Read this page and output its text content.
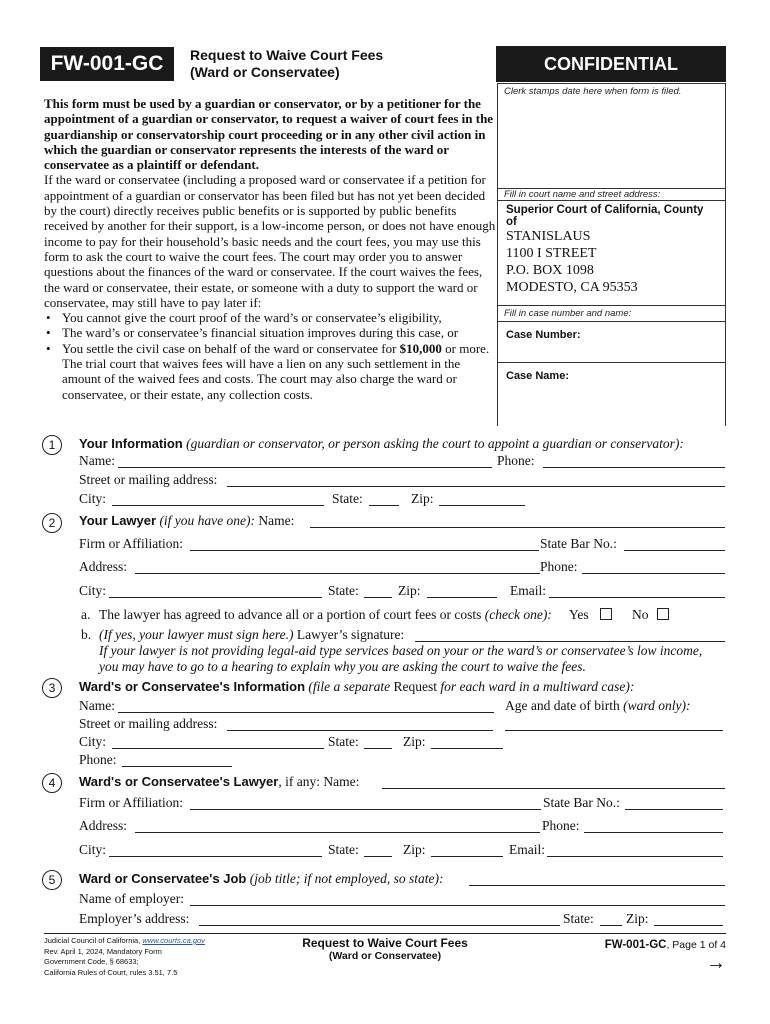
FW-001-GC	Request to Waive Court Fees
(Ward or Conservatee)	CONFIDENTIAL
Clerk stamps date here when form is filed.
Fill in court name and street address:
Superior Court of California, County of
STANISLAUS
1100 I STREET
P.O. BOX 1098
MODESTO, CA 95353
Fill in case number and name:
Case Number:
Case Name:
This form must be used by a guardian or conservator, or by a petitioner for the appointment of a guardian or conservator, to request a waiver of court fees in the guardianship or conservatorship court proceeding or in any other civil action in which the guardian or conservator represents the interests of the ward or conservatee as a plaintiff or defendant.
If the ward or conservatee (including a proposed ward or conservatee if a petition for appointment of a guardian or conservator has been filed but has not yet been decided by the court) directly receives public benefits or is supported by public benefits received by another for their support, is a low-income person, or does not have enough income to pay for their household’s basic needs and the court fees, you may use this form to ask the court to waive the court fees. The court may order you to answer questions about the finances of the ward or conservatee. If the court waives the fees, the ward or conservatee, their estate, or someone with a duty to support the ward or conservatee, may still have to pay later if:
• You cannot give the court proof of the ward’s or conservatee’s eligibility,
• The ward’s or conservatee’s financial situation improves during this case, or
• You settle the civil case on behalf of the ward or conservatee for $10,000 or more. The trial court that waives fees will have a lien on any such settlement in the amount of the waived fees and costs. The court may also charge the ward or conservatee, or their estate, any collection costs.
1	Your Information (guardian or conservator, or person asking the court to appoint a guardian or conservator):
Name:	Phone:
Street or mailing address:
City:	State:	Zip:
2	Your Lawyer (if you have one): Name:
Firm or Affiliation:	State Bar No.:
Address:	Phone:
City:	State:	Zip:	Email:
a. The lawyer has agreed to advance all or a portion of court fees or costs (check one): Yes	No
b. (If yes, your lawyer must sign here.) Lawyer’s signature:
If your lawyer is not providing legal-aid type services based on your or the ward’s or conservatee’s low income,
you may have to go to a hearing to explain why you are asking the court to waive the fees.
3	Ward's or Conservatee's Information (file a separate Request for each ward in a multiward case):
Name:	Age and date of birth (ward only):
Street or mailing address:
City:	State:	Zip:
Phone:
4	Ward's or Conservatee's Lawyer, if any: Name:
Firm or Affiliation:	State Bar No.:
Address:	Phone:
City:	State:	Zip:	Email:
5	Ward or Conservatee's Job (job title; if not employed, so state):
Name of employer:
Employer’s address:	State: Zip:
Judicial Council of California, www.courts.ca.gov
Rev. April 1, 2024, Mandatory Form
Government Code, § 68633;
California Rules of Court, rules 3.51, 7.5
Request to Waive Court Fees
(Ward or Conservatee)
FW-001-GC, Page 1 of 4
→
